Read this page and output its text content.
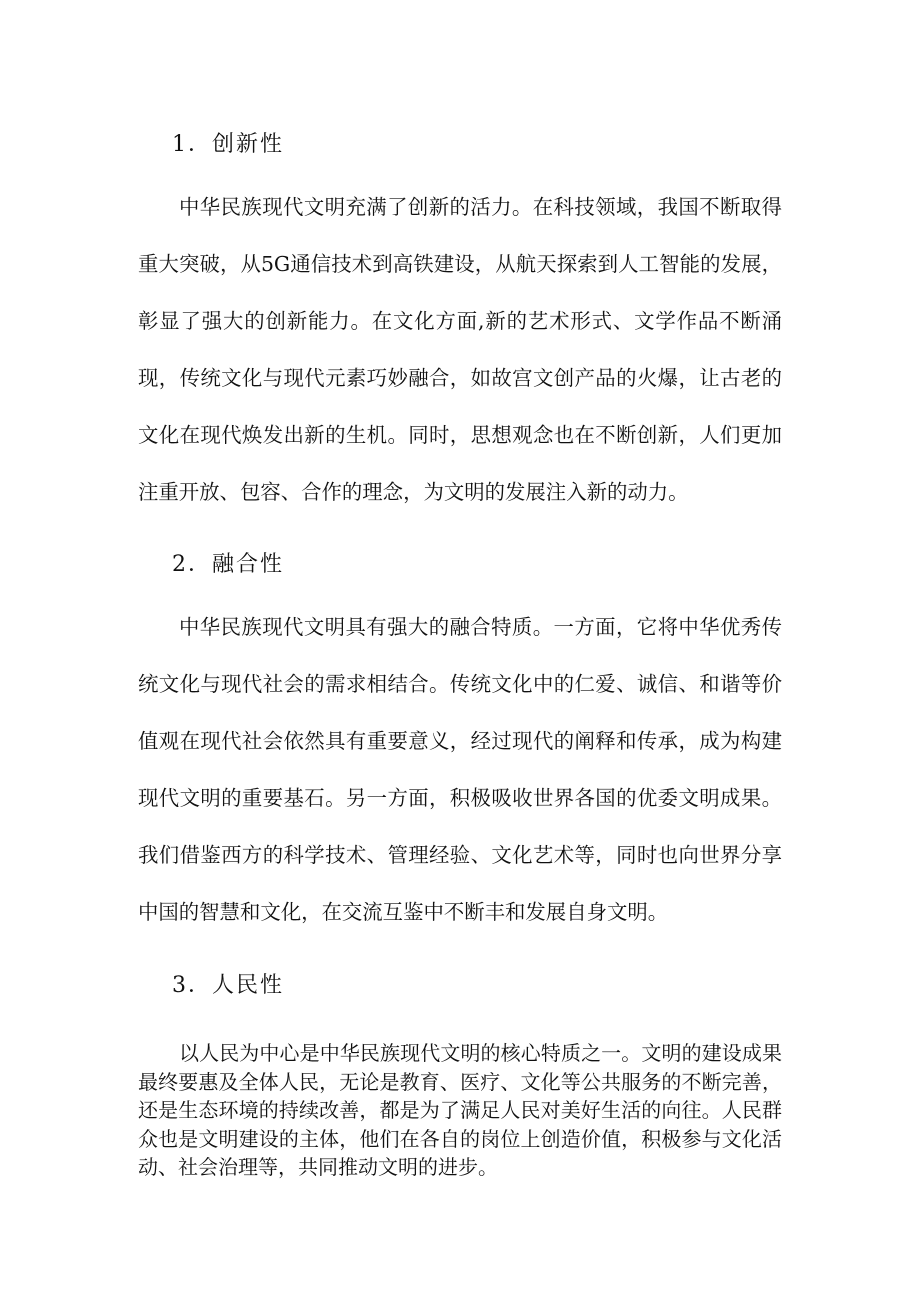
1．创新性

中华民族现代文明充满了创新的活力。在科技领域，我国不断取得重大突破，从5G通信技术到高铁建设，从航天探索到人工智能的发展，彰显了强大的创新能力。在文化方面,新的艺术形式、文学作品不断涌现，传统文化与现代元素巧妙融合，如故宫文创产品的火爆，让古老的文化在现代焕发出新的生机。同时，思想观念也在不断创新，人们更加注重开放、包容、合作的理念，为文明的发展注入新的动力。

2．融合性

中华民族现代文明具有强大的融合特质。一方面，它将中华优秀传统文化与现代社会的需求相结合。传统文化中的仁爱、诚信、和谐等价值观在现代社会依然具有重要意义，经过现代的阐释和传承，成为构建现代文明的重要基石。另一方面，积极吸收世界各国的优委文明成果。我们借鉴西方的科学技术、管理经验、文化艺术等，同时也向世界分享中国的智慧和文化，在交流互鉴中不断丰和发展自身文明。

3．人民性

以人民为中心是中华民族现代文明的核心特质之一。文明的建设成果最终要惠及全体人民，无论是教育、医疗、文化等公共服务的不断完善，还是生态环境的持续改善，都是为了满足人民对美好生活的向往。人民群众也是文明建设的主体，他们在各自的岗位上创造价值，积极参与文化活动、社会治理等，共同推动文明的进步。
